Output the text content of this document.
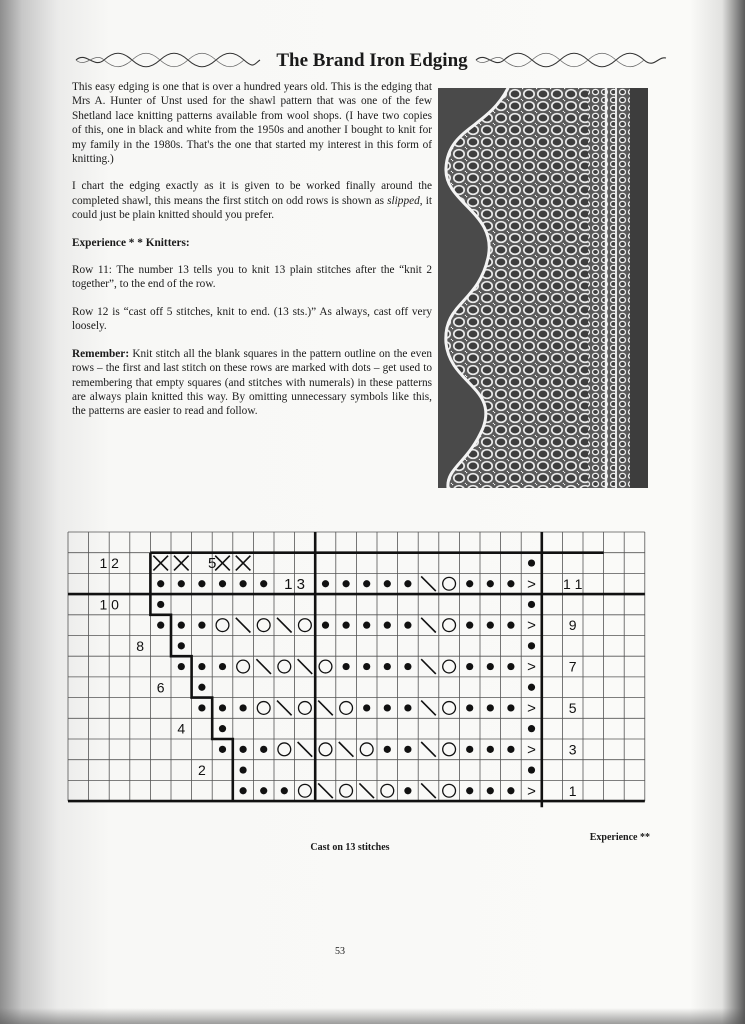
The Brand Iron Edging

This easy edging is one that is over a hundred years old. This is the edging that Mrs A. Hunter of Unst used for the shawl pattern that was one of the few Shetland lace knitting patterns available from wool shops. (I have two copies of this, one in black and white from the 1950s and another I bought to knit for my family in the 1980s. That's the one that started my interest in this form of knitting.)

I chart the edging exactly as it is given to be worked finally around the completed shawl, this means the first stitch on odd rows is shown as slipped, it could just be plain knitted should you prefer.

Experience * * Knitters:

Row 11: The number 13 tells you to knit 13 plain stitches after the “knit 2 together”, to the end of the row.

Row 12 is “cast off 5 stitches, knit to end. (13 sts.)” As always, cast off very loosely.

Remember: Knit stitch all the blank squares in the pattern outline on the even rows – the first and last stitch on these rows are marked with dots – get used to remembering that empty squares (and stitches with numerals) in these patterns are always plain knitted this way. By omitting unnecessary symbols like this, the patterns are easier to read and follow.

>
>
>
>
>
1 3	>
5
1
3
5
7
9
1 1
2
4
6
8
1 0
1 2
Cast on 13 stitches
Experience **
53
